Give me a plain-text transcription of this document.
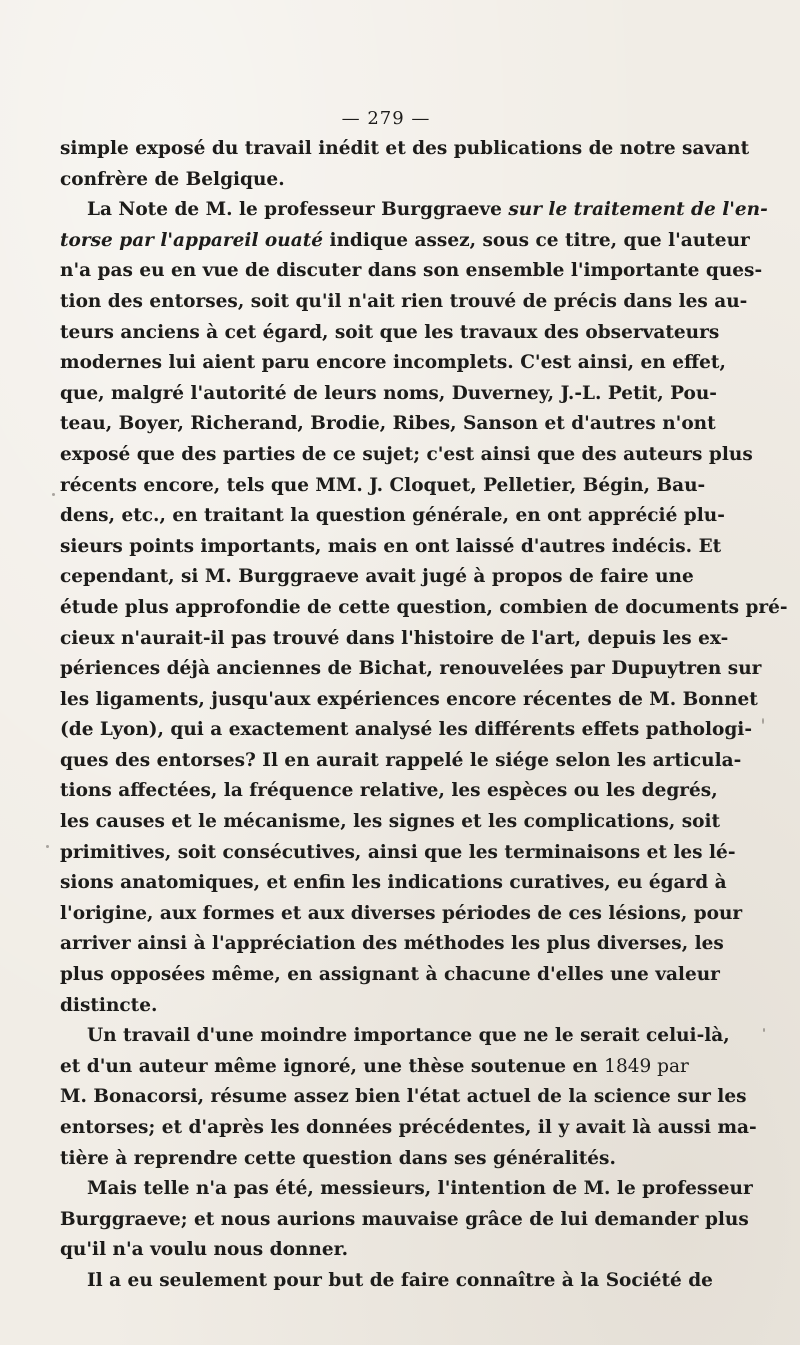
— 279 —
simple exposé du travail inédit et des publications de notre savant
confrère de Belgique.
La Note de M. le professeur Burggraeve sur le traitement de l'en-
torse par l'appareil ouaté indique assez, sous ce titre, que l'auteur
n'a pas eu en vue de discuter dans son ensemble l'importante ques-
tion des entorses, soit qu'il n'ait rien trouvé de précis dans les au-
teurs anciens à cet égard, soit que les travaux des observateurs
modernes lui aient paru encore incomplets. C'est ainsi, en effet,
que, malgré l'autorité de leurs noms, Duverney, J.-L. Petit, Pou-
teau, Boyer, Richerand, Brodie, Ribes, Sanson et d'autres n'ont
exposé que des parties de ce sujet; c'est ainsi que des auteurs plus
récents encore, tels que MM. J. Cloquet, Pelletier, Bégin, Bau-
dens, etc., en traitant la question générale, en ont apprécié plu-
sieurs points importants, mais en ont laissé d'autres indécis. Et
cependant, si M. Burggraeve avait jugé à propos de faire une
étude plus approfondie de cette question, combien de documents pré-
cieux n'aurait-il pas trouvé dans l'histoire de l'art, depuis les ex-
périences déjà anciennes de Bichat, renouvelées par Dupuytren sur
les ligaments, jusqu'aux expériences encore récentes de M. Bonnet
(de Lyon), qui a exactement analysé les différents effets pathologi-
ques des entorses? Il en aurait rappelé le siége selon les articula-
tions affectées, la fréquence relative, les espèces ou les degrés,
les causes et le mécanisme, les signes et les complications, soit
primitives, soit consécutives, ainsi que les terminaisons et les lé-
sions anatomiques, et enfin les indications curatives, eu égard à
l'origine, aux formes et aux diverses périodes de ces lésions, pour
arriver ainsi à l'appréciation des méthodes les plus diverses, les
plus opposées même, en assignant à chacune d'elles une valeur
distincte.
Un travail d'une moindre importance que ne le serait celui-là,
et d'un auteur même ignoré, une thèse soutenue en 1849 par
M. Bonacorsi, résume assez bien l'état actuel de la science sur les
entorses; et d'après les données précédentes, il y avait là aussi ma-
tière à reprendre cette question dans ses généralités.
Mais telle n'a pas été, messieurs, l'intention de M. le professeur
Burggraeve; et nous aurions mauvaise grâce de lui demander plus
qu'il n'a voulu nous donner.
Il a eu seulement pour but de faire connaître à la Société de
